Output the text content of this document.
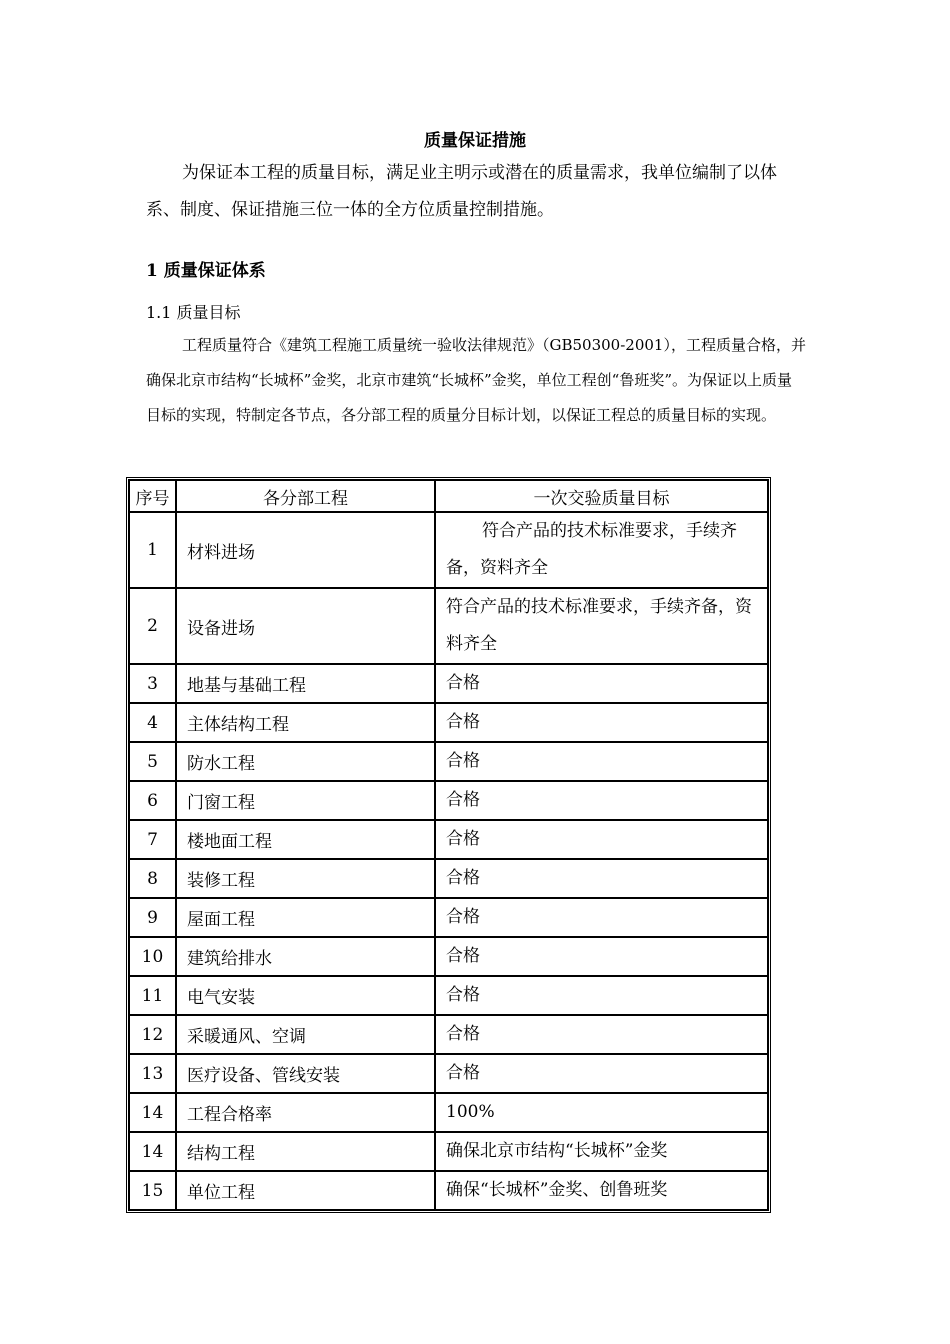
质量保证措施
为保证本工程的质量目标，满足业主明示或潜在的质量需求，我单位编制了以体系、制度、保证措施三位一体的全方位质量控制措施。
1 质量保证体系
1.1 质量目标
工程质量符合《建筑工程施工质量统一验收法律规范》（GB50300-2001），工程质量合格，并确保北京市结构“长城杯”金奖，北京市建筑“长城杯”金奖，单位工程创“鲁班奖”。为保证以上质量目标的实现，特制定各节点，各分部工程的质量分目标计划，以保证工程总的质量目标的实现。
序号	各分部工程	一次交验质量目标
1	材料进场	符合产品的技术标准要求，手续齐备，资料齐全
2	设备进场	符合产品的技术标准要求，手续齐备，资料齐全
3	地基与基础工程	合格
4	主体结构工程	合格
5	防水工程	合格
6	门窗工程	合格
7	楼地面工程	合格
8	装修工程	合格
9	屋面工程	合格
10	建筑给排水	合格
11	电气安装	合格
12	采暖通风、空调	合格
13	医疗设备、管线安装	合格
14	工程合格率	100%
14	结构工程	确保北京市结构“长城杯”金奖
15	单位工程	确保“长城杯”金奖、创鲁班奖
